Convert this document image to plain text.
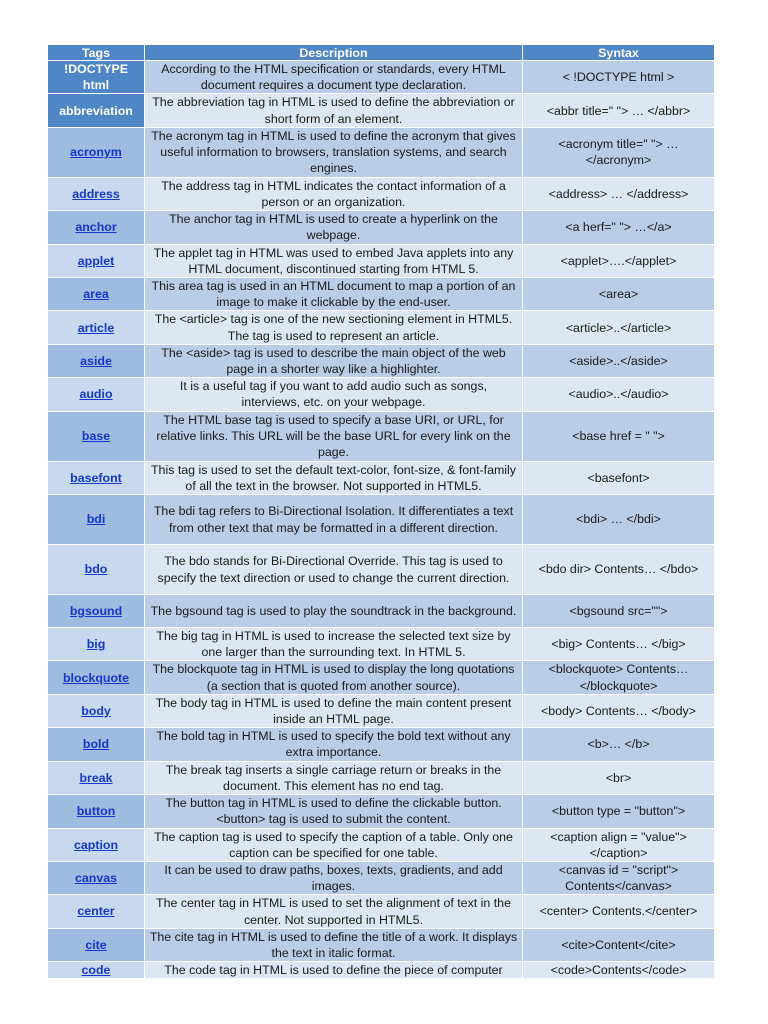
Tags	Description	Syntax
!DOCTYPE html	According to the HTML specification or standards, every HTML document requires a document type declaration.	< !DOCTYPE html >
abbreviation	The abbreviation tag in HTML is used to define the abbreviation or short form of an element.	<abbr title=" "> … </abbr>
acronym	The acronym tag in HTML is used to define the acronym that gives useful information to browsers, translation systems, and search engines.	<acronym title=" "> … </acronym>
address	The address tag in HTML indicates the contact information of a person or an organization.	<address> … </address>
anchor	The anchor tag in HTML is used to create a hyperlink on the webpage.	<a herf=" "> …</a>
applet	The applet tag in HTML was used to embed Java applets into any HTML document, discontinued starting from HTML 5.	<applet>….</applet>
area	This area tag is used in an HTML document to map a portion of an image to make it clickable by the end-user.	<area>
article	The <article> tag is one of the new sectioning element in HTML5. The tag is used to represent an article.	<article>..</article>
aside	The <aside> tag is used to describe the main object of the web page in a shorter way like a highlighter.	<aside>..</aside>
audio	It is a useful tag if you want to add audio such as songs, interviews, etc. on your webpage.	<audio>..</audio>
base	The HTML base tag is used to specify a base URI, or URL, for relative links. This URL will be the base URL for every link on the page.	<base href = " ">
basefont	This tag is used to set the default text-color, font-size, & font-family of all the text in the browser. Not supported in HTML5.	<basefont>
bdi	The bdi tag refers to Bi-Directional Isolation. It differentiates a text from other text that may be formatted in a different direction.	<bdi> … </bdi>
bdo	The bdo stands for Bi-Directional Override. This tag is used to specify the text direction or used to change the current direction.	<bdo dir> Contents… </bdo>
bgsound	The bgsound tag is used to play the soundtrack in the background.	<bgsound src="">
big	The big tag in HTML is used to increase the selected text size by one larger than the surrounding text. In HTML 5.	<big> Contents… </big>
blockquote	The blockquote tag in HTML is used to display the long quotations (a section that is quoted from another source).	<blockquote> Contents… </blockquote>
body	The body tag in HTML is used to define the main content present inside an HTML page.	<body> Contents… </body>
bold	The bold tag in HTML is used to specify the bold text without any extra importance.	<b>… </b>
break	The break tag inserts a single carriage return or breaks in the document. This element has no end tag.	<br>
button	The button tag in HTML is used to define the clickable button. <button> tag is used to submit the content.	<button type = "button">
caption	The caption tag is used to specify the caption of a table. Only one caption can be specified for one table.	<caption align = "value"></caption>
canvas	It can be used to draw paths, boxes, texts, gradients, and add images.	<canvas id = "script"> Contents</canvas>
center	The center tag in HTML is used to set the alignment of text in the center. Not supported in HTML5.	<center> Contents.</center>
cite	The cite tag in HTML is used to define the title of a work. It displays the text in italic format.	<cite>Content</cite>
code	The code tag in HTML is used to define the piece of computer	<code>Contents</code>
